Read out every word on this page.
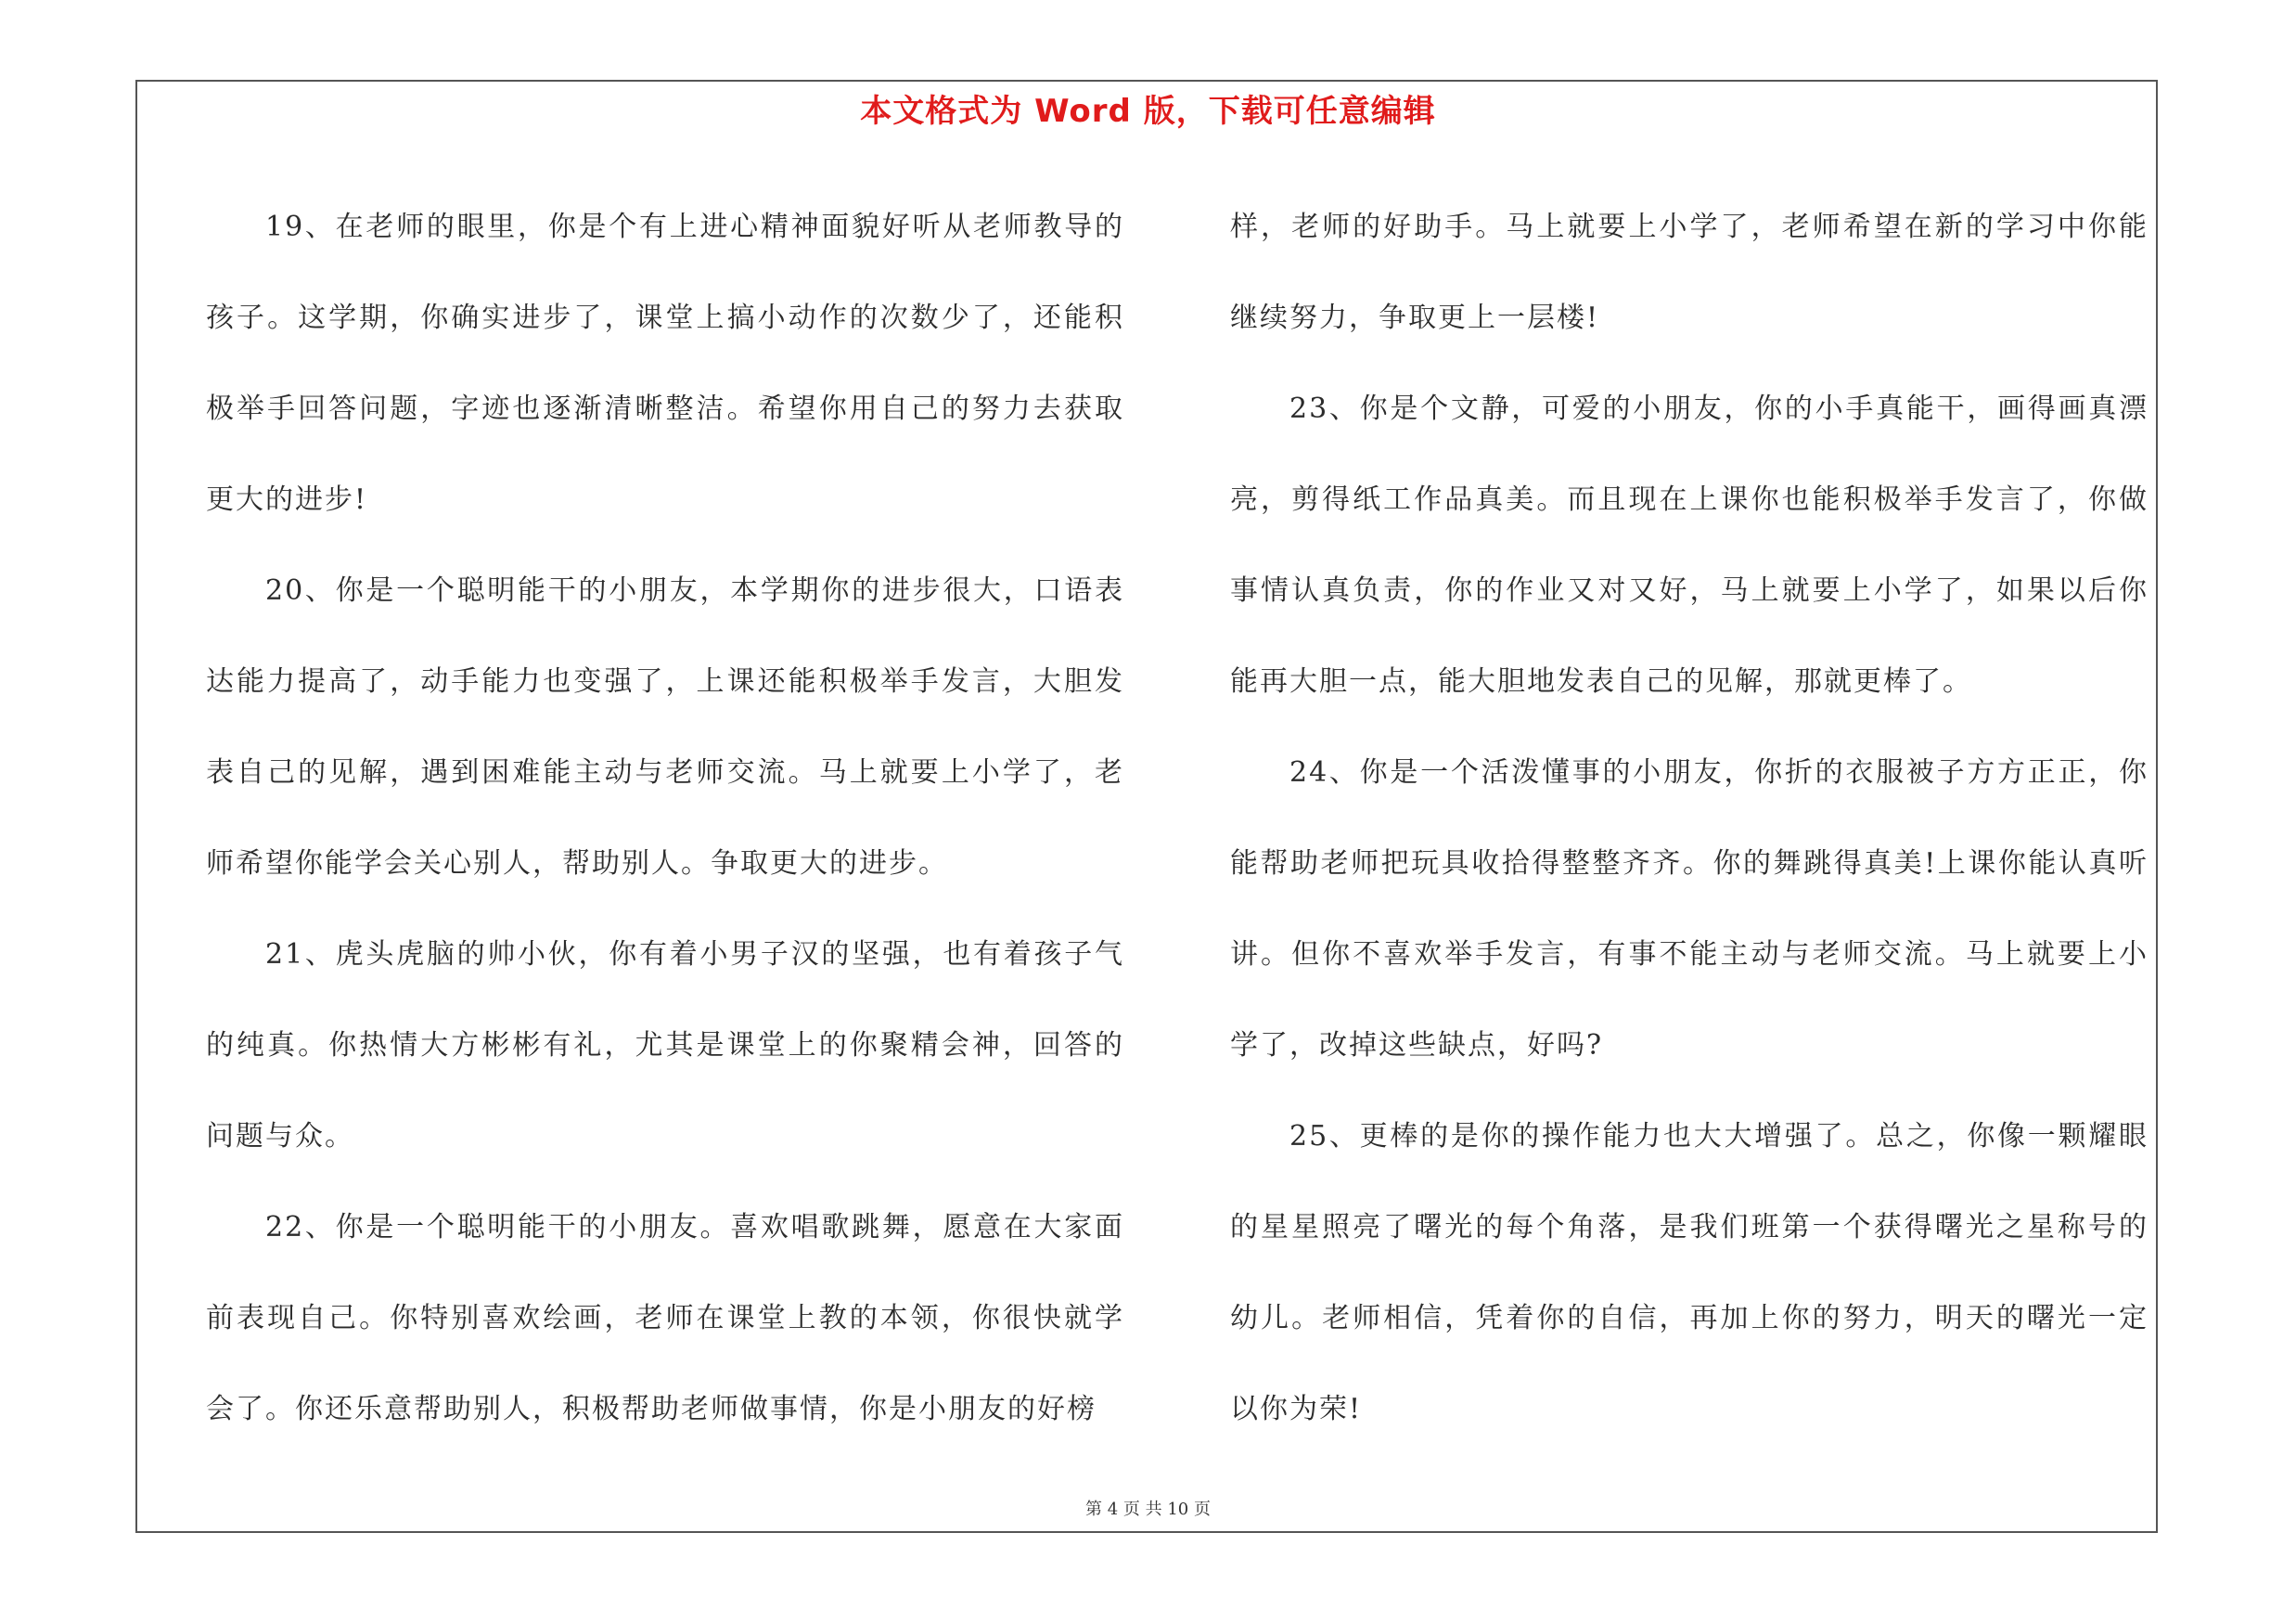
本文格式为 Word 版，下载可任意编辑

19、在老师的眼里，你是个有上进心精神面貌好听从老师教导的孩子。这学期，你确实进步了，课堂上搞小动作的次数少了，还能积极举手回答问题，字迹也逐渐清晰整洁。希望你用自己的努力去获取更大的进步!

20、你是一个聪明能干的小朋友，本学期你的进步很大，口语表达能力提高了，动手能力也变强了，上课还能积极举手发言，大胆发表自己的见解，遇到困难能主动与老师交流。马上就要上小学了，老师希望你能学会关心别人，帮助别人。争取更大的进步。

21、虎头虎脑的帅小伙，你有着小男子汉的坚强，也有着孩子气的纯真。你热情大方彬彬有礼，尤其是课堂上的你聚精会神，回答的问题与众。

22、你是一个聪明能干的小朋友。喜欢唱歌跳舞，愿意在大家面前表现自己。你特别喜欢绘画，老师在课堂上教的本领，你很快就学会了。你还乐意帮助别人，积极帮助老师做事情，你是小朋友的好榜

样，老师的好助手。马上就要上小学了，老师希望在新的学习中你能继续努力，争取更上一层楼!

23、你是个文静，可爱的小朋友，你的小手真能干，画得画真漂亮，剪得纸工作品真美。而且现在上课你也能积极举手发言了，你做事情认真负责，你的作业又对又好，马上就要上小学了，如果以后你能再大胆一点，能大胆地发表自己的见解，那就更棒了。

24、你是一个活泼懂事的小朋友，你折的衣服被子方方正正，你能帮助老师把玩具收拾得整整齐齐。你的舞跳得真美!上课你能认真听讲。但你不喜欢举手发言，有事不能主动与老师交流。马上就要上小学了，改掉这些缺点，好吗?

25、更棒的是你的操作能力也大大增强了。总之，你像一颗耀眼的星星照亮了曙光的每个角落，是我们班第一个获得曙光之星称号的幼儿。老师相信，凭着你的自信，再加上你的努力，明天的曙光一定以你为荣!

第 4 页 共 10 页
